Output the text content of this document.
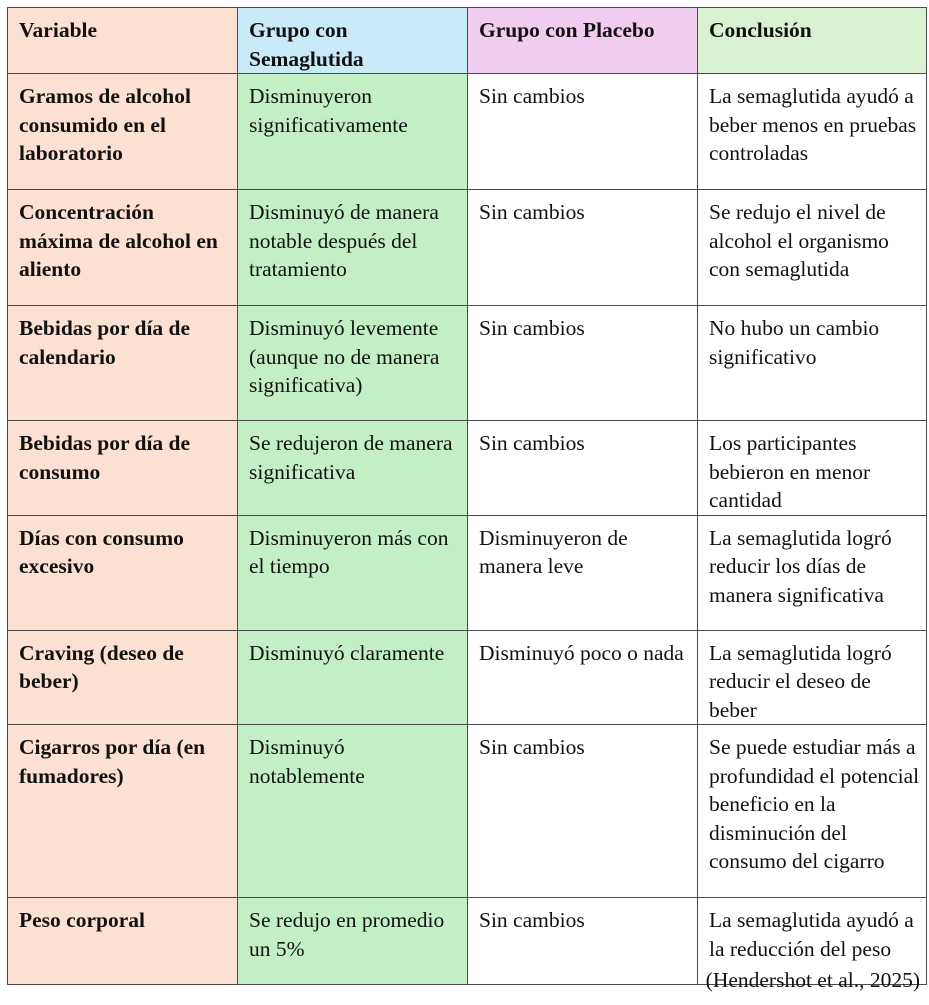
Variable	Grupo con Semaglutida	Grupo con Placebo	Conclusión
Gramos de alcohol consumido en el laboratorio	Disminuyeron significativamente	Sin cambios	La semaglutida ayudó a beber menos en pruebas controladas
Concentración máxima de alcohol en aliento	Disminuyó de manera notable después del tratamiento	Sin cambios	Se redujo el nivel de alcohol el organismo con semaglutida
Bebidas por día de calendario	Disminuyó levemente (aunque no de manera significativa)	Sin cambios	No hubo un cambio significativo
Bebidas por día de consumo	Se redujeron de manera significativa	Sin cambios	Los participantes bebieron en menor cantidad
Días con consumo excesivo	Disminuyeron más con el tiempo	Disminuyeron de manera leve	La semaglutida logró reducir los días de manera significativa
Craving (deseo de beber)	Disminuyó claramente	Disminuyó poco o nada	La semaglutida logró reducir el deseo de beber
Cigarros por día (en fumadores)	Disminuyó notablemente	Sin cambios	Se puede estudiar más a profundidad el potencial beneficio en la disminución del consumo del cigarro
Peso corporal	Se redujo en promedio un 5%	Sin cambios	La semaglutida ayudó a la reducción del peso
(Hendershot et al., 2025)
